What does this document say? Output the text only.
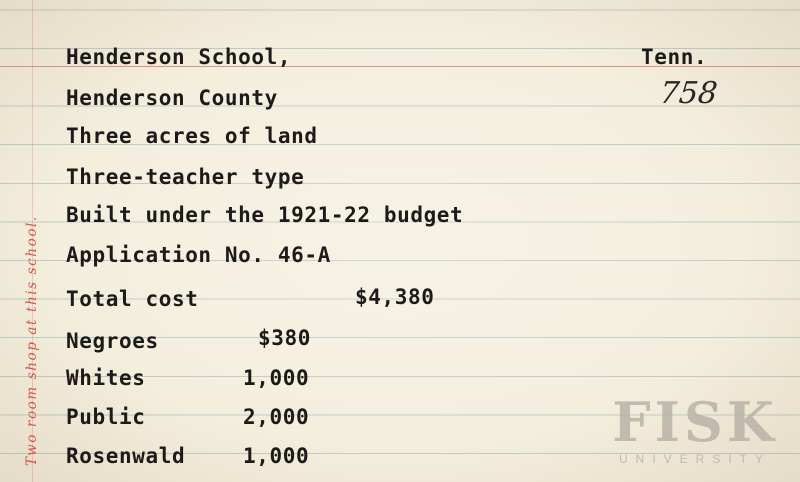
Two room shop at this school.
Henderson School,	Tenn.
Henderson County	758
Three acres of land
Three-teacher type
Built under the 1921-22 budget
Application No. 46-A
Total cost	$4,380
Negroes	$380
Whites	1,000
Public	2,000
Rosenwald	1,000
FISK
UNIVERSITY
